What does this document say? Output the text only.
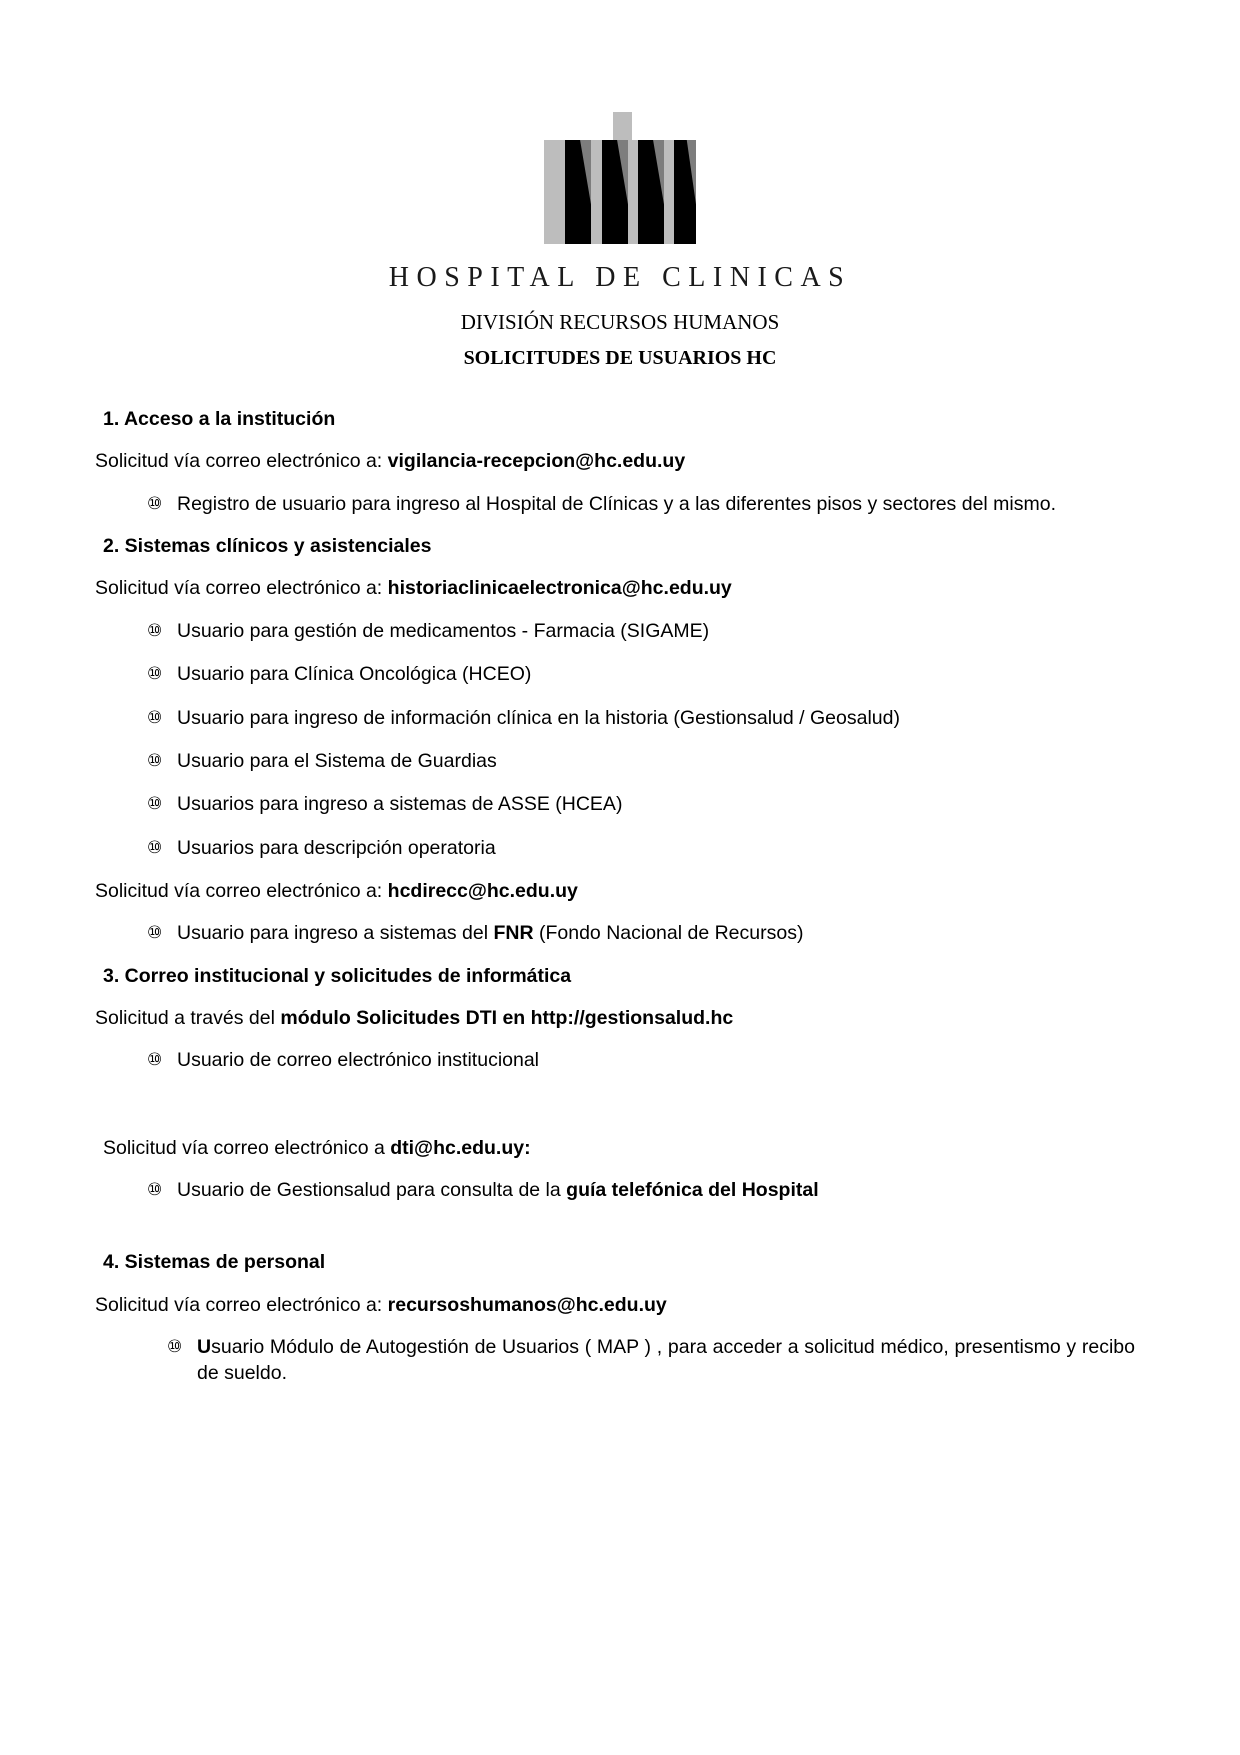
HOSPITAL DE CLINICAS
DIVISIÓN RECURSOS HUMANOS
SOLICITUDES DE USUARIOS HC
1. Acceso a la institución
Solicitud vía correo electrónico a: vigilancia-recepcion@hc.edu.uy
⑩ Registro de usuario para ingreso al Hospital de Clínicas y a las diferentes pisos y sectores del mismo.
2. Sistemas clínicos y asistenciales
Solicitud vía correo electrónico a: historiaclinicaelectronica@hc.edu.uy
⑩ Usuario para gestión de medicamentos - Farmacia (SIGAME)
⑩ Usuario para Clínica Oncológica (HCEO)
⑩ Usuario para ingreso de información clínica en la historia (Gestionsalud / Geosalud)
⑩ Usuario para el Sistema de Guardias
⑩ Usuarios para ingreso a sistemas de ASSE (HCEA)
⑩ Usuarios para descripción operatoria
Solicitud vía correo electrónico a: hcdirecc@hc.edu.uy
⑩ Usuario para ingreso a sistemas del FNR (Fondo Nacional de Recursos)
3. Correo institucional y solicitudes de informática
Solicitud a través del módulo Solicitudes DTI en http://gestionsalud.hc
⑩ Usuario de correo electrónico institucional
Solicitud vía correo electrónico a dti@hc.edu.uy:
⑩ Usuario de Gestionsalud para consulta de la guía telefónica del Hospital
4. Sistemas de personal
Solicitud vía correo electrónico a: recursoshumanos@hc.edu.uy
⑩ Usuario Módulo de Autogestión de Usuarios ( MAP ) , para acceder a solicitud médico, presentismo y recibo de sueldo.
